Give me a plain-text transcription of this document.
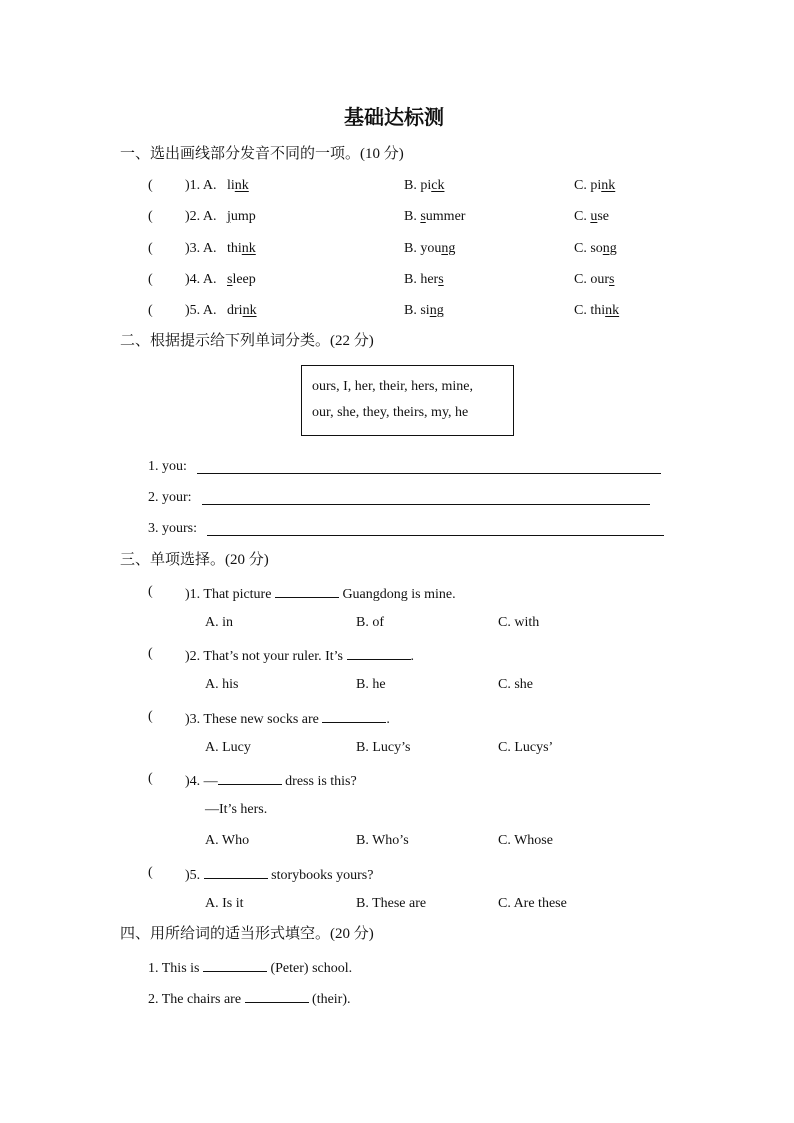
基础达标测
一、选出画线部分发音不同的一项。(10 分)
( )1. A. link	B. pick	C. pink
( )2. A. jump	B. summer	C. use
( )3. A. think	B. young	C. song
( )4. A. sleep	B. hers	C. ours
( )5. A. drink	B. sing	C. think
二、根据提示给下列单词分类。(22 分)
ours, I, her, their, hers, mine,
our, she, they, theirs, my, he
1. you:
2. your:
3. yours:
三、单项选择。(20 分)
( )1. That picture	Guangdong is mine.
A. in	B. of	C. with
( )2. That’s not your ruler. It’s	.
A. his	B. he	C. she
( )3. These new socks are	.
A. Lucy	B. Lucy’s	C. Lucys’
( )4. —	dress is this?
—It’s hers.
A. Who	B. Who’s	C. Whose
( )5.	storybooks yours?
A. Is it	B. These are	C. Are these
四、用所给词的适当形式填空。(20 分)
1. This is	(Peter) school.
2. The chairs are	(their).
